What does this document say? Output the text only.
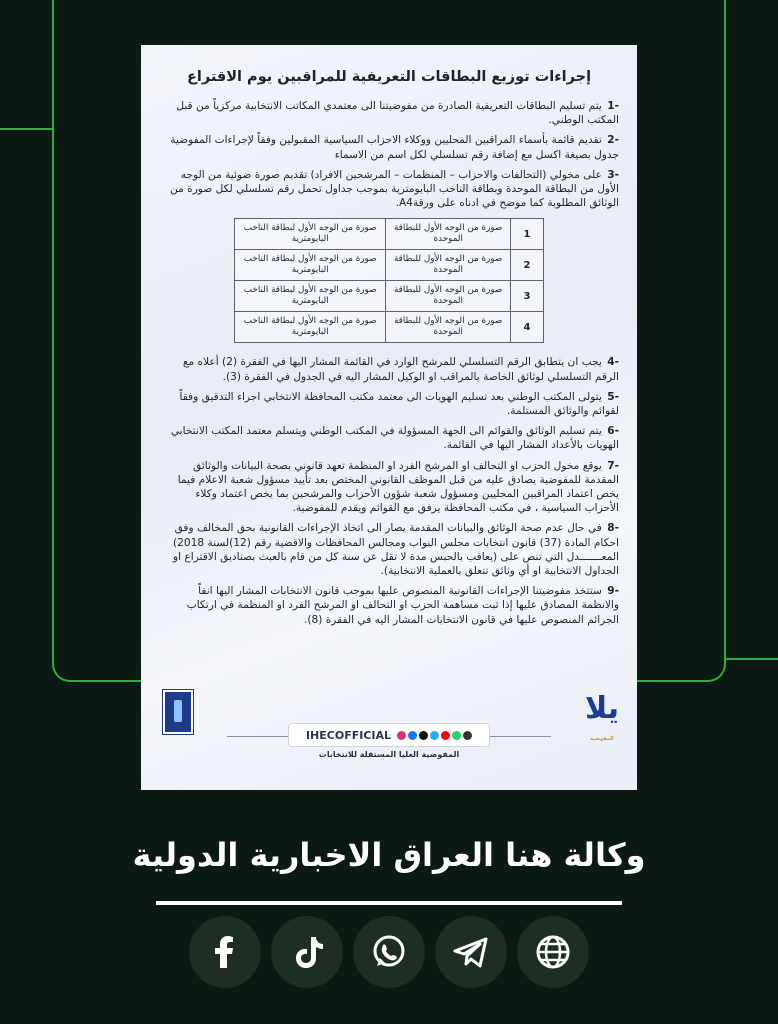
إجراءات توزيع البطاقات التعريفية للمراقبين يوم الاقتراع
1- يتم تسليم البطاقات التعريفية الصادرة من مفوضيتنا الى معتمدي المكاتب الانتخابية مركزياً من قبل المكتب الوطني.
2- تقديم قائمة بأسماء المراقبين المحليين ووكلاء الاحزاب السياسية المقبولين وفقاً لإجراءات المفوضية جدول بصيغة اكسل مع إضافة رقم تسلسلي لكل اسم من الاسماء
3- على مخولي (التحالفات والاحزاب – المنظمات – المرشحين الافراد) تقديم صورة ضوئية من الوجه الأول من البطاقة الموحدة وبطاقة الناخب البايومترية بموجب جداول تحمل رقم تسلسلي لكل صورة من الوثائق المطلوبة كما موضح في ادناه على ورقةA4.
1	صورة من الوجه الأول للبطاقة الموحدة	صورة من الوجه الأول لبطاقة الناخب البايومترية
2	صورة من الوجه الأول للبطاقة الموحدة	صورة من الوجه الأول لبطاقة الناخب البايومترية
3	صورة من الوجه الأول للبطاقة الموحدة	صورة من الوجه الأول لبطاقة الناخب البايومترية
4	صورة من الوجه الأول للبطاقة الموحدة	صورة من الوجه الأول لبطاقة الناخب البايومترية
4- يجب ان يتطابق الرقم التسلسلي للمرشح الوارد في القائمة المشار اليها في الفقرة (2) أعلاه مع الرقم التسلسلي لوثائق الخاصة بالمراقب او الوكيل المشار اليه في الجدول في الفقرة (3).
5- يتولى المكتب الوطني بعد تسليم الهويات الى معتمد مكتب المحافظة الانتخابي اجراء التدقيق وفقاً لقوائم والوثائق المستلمة.
6- يتم تسليم الوثائق والقوائم الى الجهة المسؤولة في المكتب الوطني ويتسلم معتمد المكتب الانتخابي الهويات بالأعداد المشار اليها في القائمة.
7- يوقع مخول الحزب او التحالف او المرشح الفرد او المنظمة تعهد قانوني بصحة البيانات والوثائق المقدمة للمفوضية يصادق عليه من قبل الموظف القانوني المختص بعد تأييد مسؤول شعبة الاعلام فيما يخص اعتماد المراقبين المحليين ومسؤول شعبة شؤون الأحزاب والمرشحين بما يخص اعتماد وكلاء الأحزاب السياسية ، في مكتب المحافظة يرفق مع القوائم ويقدم للمفوضية.
8- في حال عدم صحة الوثائق والبيانات المقدمة يصار الى اتخاذ الإجراءات القانونية بحق المخالف وفق احكام المادة (37) قانون انتخابات مجلس النواب ومجالس المحافظات والاقضية رقم (12)لسنة 2018) المعـــــــدل التي تنص على (يعاقب بالحبس مدة لا تقل عن سنة كل من قام بالعبث بصناديق الاقتراع او الجداول الانتخابية او أي وثائق تتعلق بالعملية الانتخابية).
9- ستتخذ مفوضيتنا الإجراءات القانونية المنصوص عليها بموجب قانون الانتخابات المشار اليها انفاً والانظمة المصادق عليها إذا ثبت مساهمة الحزب او التحالف او المرشح الفرد او المنظمة في ارتكاب الجرائم المنصوص عليها في قانون الانتخابات المشار اليه في الفقرة (8).
IHECOFFICIAL
المفوضية العليا المستقلة للانتخابات
يلا
المفوضية
وكالة هنا العراق الاخبارية الدولية
